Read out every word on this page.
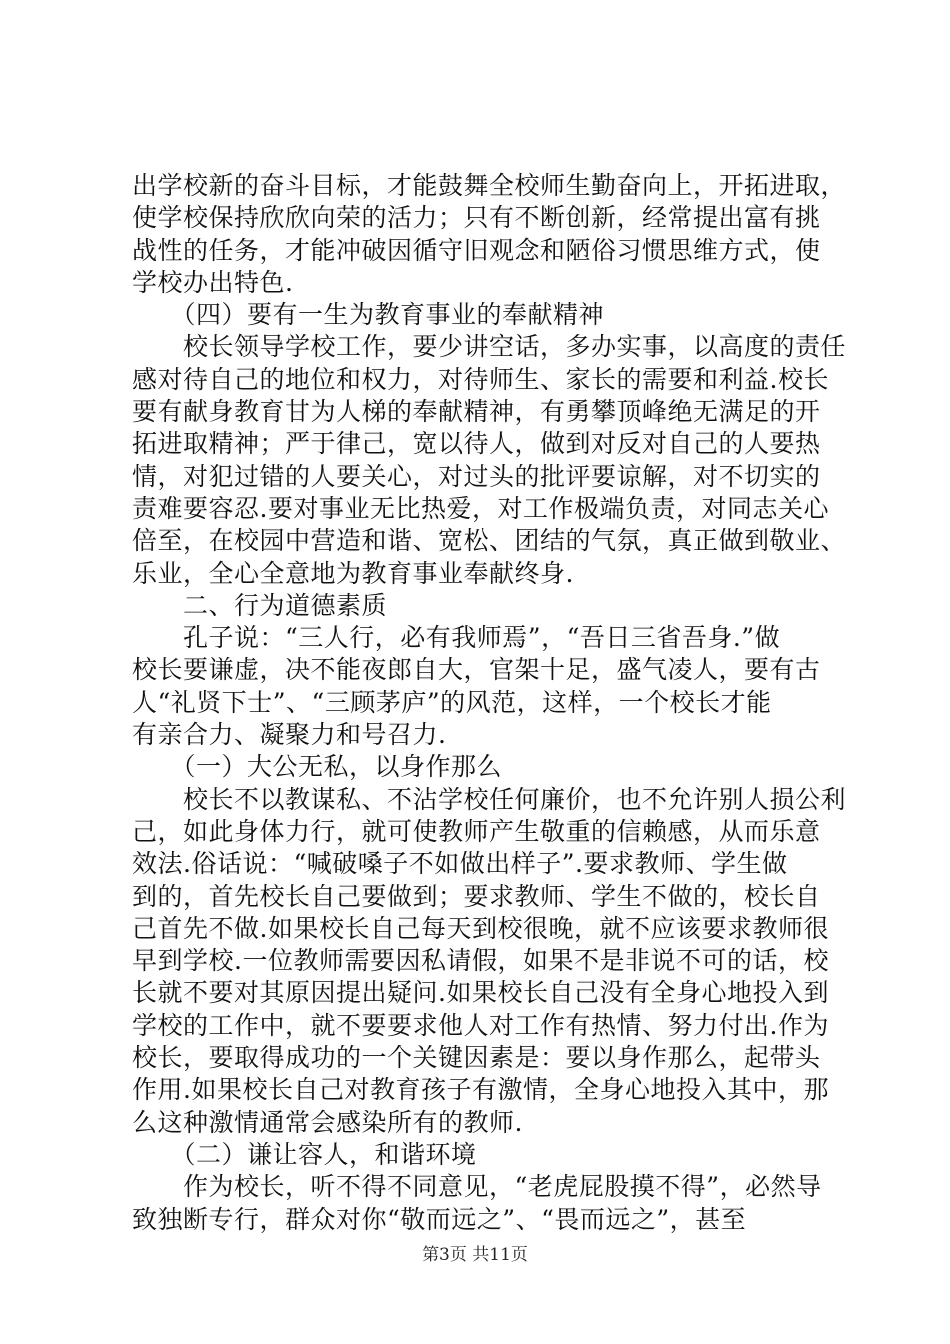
出学校新的奋斗目标，才能鼓舞全校师生勤奋向上，开拓进取，
使学校保持欣欣向荣的活力；只有不断创新，经常提出富有挑
战性的任务，才能冲破因循守旧观念和陋俗习惯思维方式，使
学校办出特色.
　　（四）要有一生为教育事业的奉献精神
　　校长领导学校工作，要少讲空话，多办实事，以高度的责任
感对待自己的地位和权力，对待师生、家长的需要和利益.校长
要有献身教育甘为人梯的奉献精神，有勇攀顶峰绝无满足的开
拓进取精神；严于律己，宽以待人，做到对反对自己的人要热
情，对犯过错的人要关心，对过头的批评要谅解，对不切实的
责难要容忍.要对事业无比热爱，对工作极端负责，对同志关心
倍至，在校园中营造和谐、宽松、团结的气氛，真正做到敬业、
乐业，全心全意地为教育事业奉献终身.
　　二、行为道德素质
　　孔子说：“三人行，必有我师焉”，“吾日三省吾身.”做
校长要谦虚，决不能夜郎自大，官架十足，盛气凌人，要有古
人“礼贤下士”、“三顾茅庐”的风范，这样，一个校长才能
有亲合力、凝聚力和号召力.
　　（一）大公无私，以身作那么
　　校长不以教谋私、不沾学校任何廉价，也不允许别人损公利
己，如此身体力行，就可使教师产生敬重的信赖感，从而乐意
效法.俗话说：“喊破嗓子不如做出样子”.要求教师、学生做
到的，首先校长自己要做到；要求教师、学生不做的，校长自
己首先不做.如果校长自己每天到校很晚，就不应该要求教师很
早到学校.一位教师需要因私请假，如果不是非说不可的话，校
长就不要对其原因提出疑问.如果校长自己没有全身心地投入到
学校的工作中，就不要要求他人对工作有热情、努力付出.作为
校长，要取得成功的一个关键因素是：要以身作那么，起带头
作用.如果校长自己对教育孩子有激情，全身心地投入其中，那
么这种激情通常会感染所有的教师.
　　（二）谦让容人，和谐环境
　　作为校长，听不得不同意见，“老虎屁股摸不得”，必然导
致独断专行，群众对你“敬而远之”、“畏而远之”，甚至
第3页 共11页
